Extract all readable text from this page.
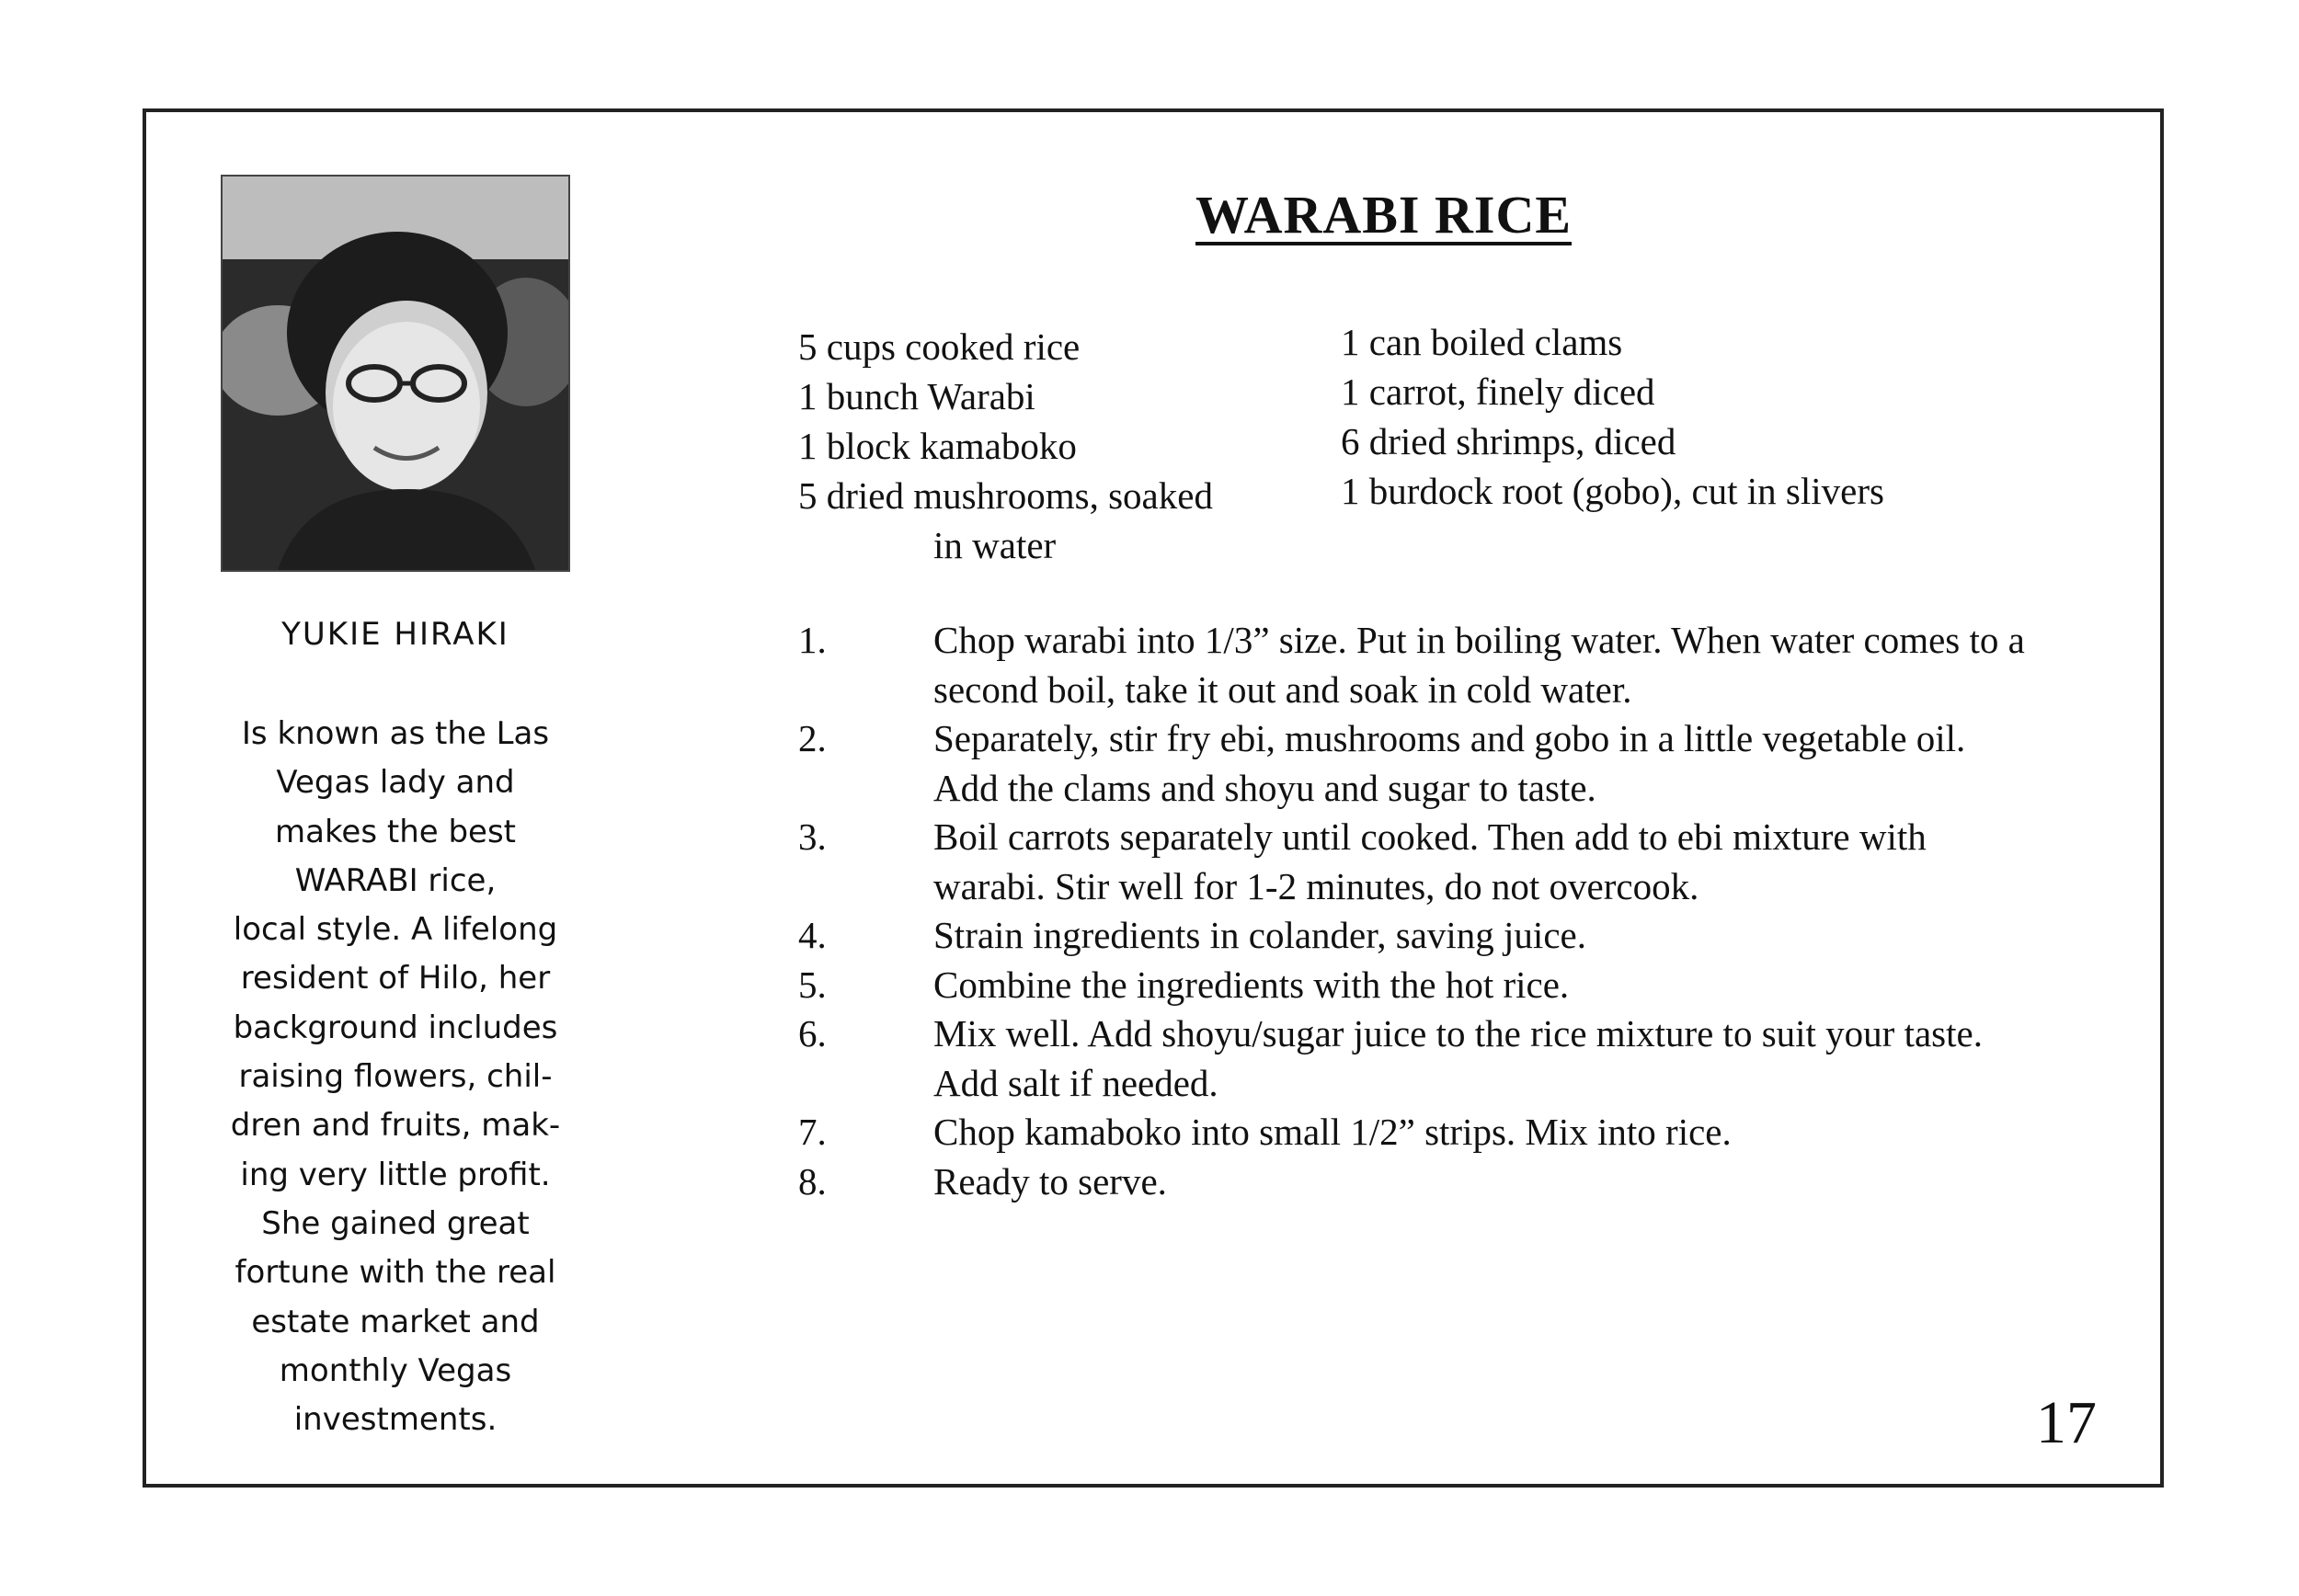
YUKIE HIRAKI
Is known as the Las
Vegas lady and
makes the best
WARABI rice,
local style. A lifelong
resident of Hilo, her
background includes
raising flowers, chil-
dren and fruits, mak-
ing very little profit.
She gained great
fortune with the real
estate market and
monthly Vegas
investments.
WARABI RICE
5 cups cooked rice
1 bunch Warabi
1 block kamaboko
5 dried mushrooms, soaked
in water
1 can boiled clams
1 carrot, finely diced
6 dried shrimps, diced
1 burdock root (gobo), cut in slivers
1.	Chop warabi into 1/3” size. Put in boiling water. When water comes to a second boil, take it out and soak in cold water.
2.	Separately, stir fry ebi, mushrooms and gobo in a little vegetable oil. Add the clams and shoyu and sugar to taste.
3.	Boil carrots separately until cooked. Then add to ebi mixture with warabi. Stir well for 1-2 minutes, do not overcook.
4.	Strain ingredients in colander, saving juice.
5.	Combine the ingredients with the hot rice.
6.	Mix well. Add shoyu/sugar juice to the rice mixture to suit your taste. Add salt if needed.
7.	Chop kamaboko into small 1/2” strips. Mix into rice.
8.	Ready to serve.
17
